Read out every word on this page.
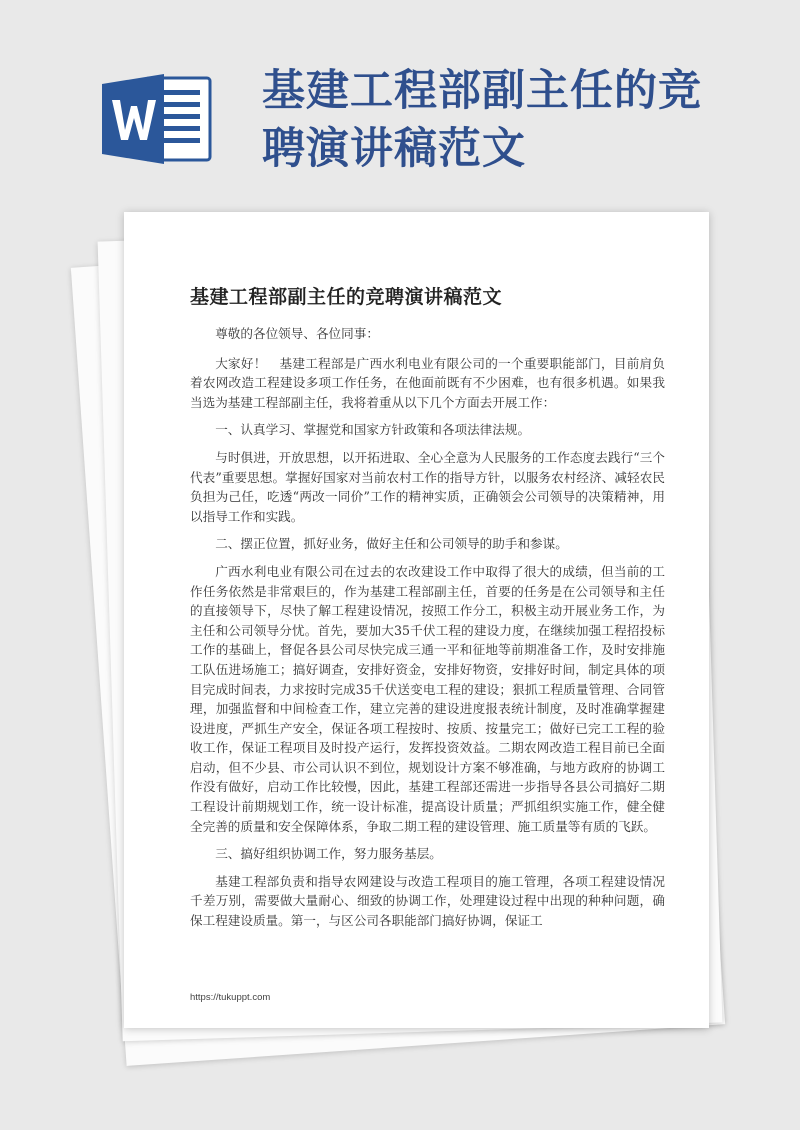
基建工程部副主任的竞
聘演讲稿范文
基建工程部副主任的竞聘演讲稿范文

尊敬的各位领导、各位同事：

大家好！　基建工程部是广西水利电业有限公司的一个重要职能部门，目前肩负着农网改造工程建设多项工作任务，在他面前既有不少困难，也有很多机遇。如果我当选为基建工程部副主任，我将着重从以下几个方面去开展工作：

一、认真学习、掌握党和国家方针政策和各项法律法规。

与时俱进，开放思想，以开拓进取、全心全意为人民服务的工作态度去践行“三个代表”重要思想。掌握好国家对当前农村工作的指导方针，以服务农村经济、减轻农民负担为己任，吃透“两改一同价”工作的精神实质，正确领会公司领导的决策精神，用以指导工作和实践。

二、摆正位置，抓好业务，做好主任和公司领导的助手和参谋。

广西水利电业有限公司在过去的农改建设工作中取得了很大的成绩，但当前的工作任务依然是非常艰巨的，作为基建工程部副主任，首要的任务是在公司领导和主任的直接领导下，尽快了解工程建设情况，按照工作分工，积极主动开展业务工作，为主任和公司领导分忧。首先，要加大35千伏工程的建设力度，在继续加强工程招投标工作的基础上，督促各县公司尽快完成三通一平和征地等前期准备工作，及时安排施工队伍进场施工；搞好调查，安排好资金，安排好物资，安排好时间，制定具体的项目完成时间表，力求按时完成35千伏送变电工程的建设；狠抓工程质量管理、合同管理，加强监督和中间检查工作，建立完善的建设进度报表统计制度，及时准确掌握建设进度，严抓生产安全，保证各项工程按时、按质、按量完工；做好已完工工程的验收工作，保证工程项目及时投产运行，发挥投资效益。二期农网改造工程目前已全面启动，但不少县、市公司认识不到位，规划设计方案不够准确，与地方政府的协调工作没有做好，启动工作比较慢，因此，基建工程部还需进一步指导各县公司搞好二期工程设计前期规划工作，统一设计标准，提高设计质量；严抓组织实施工作，健全健全完善的质量和安全保障体系，争取二期工程的建设管理、施工质量等有质的飞跃。

三、搞好组织协调工作，努力服务基层。

基建工程部负责和指导农网建设与改造工程项目的施工管理，各项工程建设情况千差万别，需要做大量耐心、细致的协调工作，处理建设过程中出现的种种问题，确保工程建设质量。第一，与区公司各职能部门搞好协调，保证工

https://tukuppt.com
